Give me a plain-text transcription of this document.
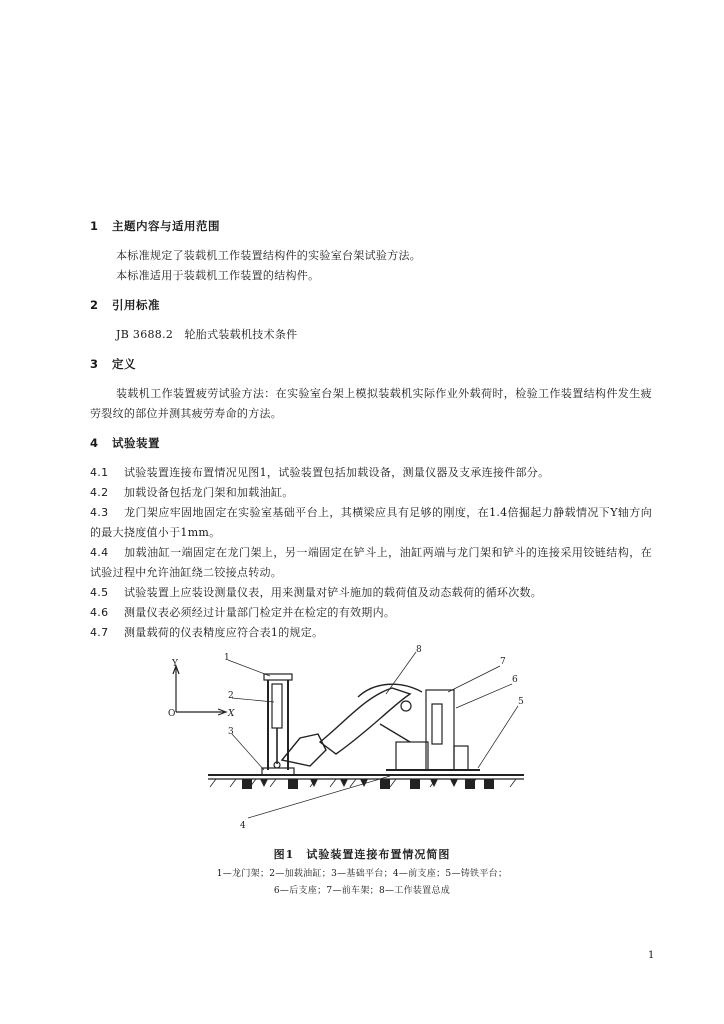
1 主题内容与适用范围
本标准规定了装载机工作装置结构件的实验室台架试验方法。
本标准适用于装载机工作装置的结构件。
2 引用标准
JB 3688.2　轮胎式装载机技术条件
3 定义
装载机工作装置疲劳试验方法：在实验室台架上模拟装载机实际作业外载荷时，检验工作装置结构件发生疲劳裂纹的部位并测其疲劳寿命的方法。
4 试验装置
4.1 试验装置连接布置情况见图1，试验装置包括加载设备，测量仪器及支承连接件部分。
4.2 加载设备包括龙门架和加载油缸。
4.3 龙门架应牢固地固定在实验室基础平台上，其横梁应具有足够的刚度，在1.4倍掘起力静载情况下Y轴方向的最大挠度值小于1mm。
4.4 加载油缸一端固定在龙门架上，另一端固定在铲斗上，油缸两端与龙门架和铲斗的连接采用铰链结构，在试验过程中允许油缸绕二铰接点转动。
4.5 试验装置上应装设测量仪表，用来测量对铲斗施加的载荷值及动态载荷的循环次数。
4.6 测量仪表必须经过计量部门检定并在检定的有效期内。
4.7 测量载荷的仪表精度应符合表1的规定。
Y
X
O
1
2
3
4
5
6
7
8
图1　试验装置连接布置情况简图
1—龙门架；2—加载油缸；3—基础平台；4—前支座；5—铸铁平台；
6—后支座；7—前车架；8—工作装置总成
1
